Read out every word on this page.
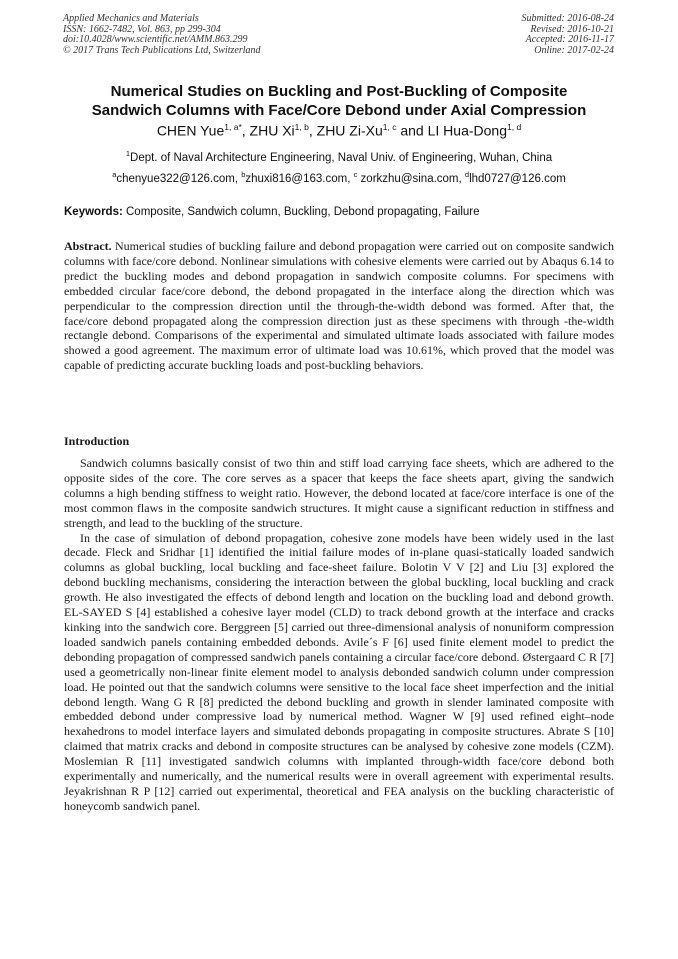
Applied Mechanics and Materials
ISSN: 1662-7482, Vol. 863, pp 299-304
doi:10.4028/www.scientific.net/AMM.863.299
© 2017 Trans Tech Publications Ltd, Switzerland
Submitted: 2016-08-24
Revised: 2016-10-21
Accepted: 2016-11-17
Online: 2017-02-24
Numerical Studies on Buckling and Post-Buckling of Composite
Sandwich Columns with Face/Core Debond under Axial Compression
CHEN Yue$^{1, a*}$, ZHU Xi$^{1, b}$, ZHU Zi-Xu$^{1, c}$ and LI Hua-Dong$^{1, d}$
$^1$Dept. of Naval Architecture Engineering, Naval Univ. of Engineering, Wuhan, China
$^a$chenyue322@126.com, $^b$zhuxi816@163.com, $^c$ zorkzhu@sina.com, $^d$lhd0727@126.com
Keywords: Composite, Sandwich column, Buckling, Debond propagating, Failure
Abstract. Numerical studies of buckling failure and debond propagation were carried out on composite sandwich columns with face/core debond. Nonlinear simulations with cohesive elements were carried out by Abaqus 6.14 to predict the buckling modes and debond propagation in sandwich composite columns. For specimens with embedded circular face/core debond, the debond propagated in the interface along the direction which was perpendicular to the compression direction until the through-the-width debond was formed. After that, the face/core debond propagated along the compression direction just as these specimens with through -the-width rectangle debond. Comparisons of the experimental and simulated ultimate loads associated with failure modes showed a good agreement. The maximum error of ultimate load was 10.61%, which proved that the model was capable of predicting accurate buckling loads and post-buckling behaviors.
Introduction

Sandwich columns basically consist of two thin and stiff load carrying face sheets, which are adhered to the opposite sides of the core. The core serves as a spacer that keeps the face sheets apart, giving the sandwich columns a high bending stiffness to weight ratio. However, the debond located at face/core interface is one of the most common flaws in the composite sandwich structures. It might cause a significant reduction in stiffness and strength, and lead to the buckling of the structure.

In the case of simulation of debond propagation, cohesive zone models have been widely used in the last decade. Fleck and Sridhar [1] identified the initial failure modes of in-plane quasi-statically loaded sandwich columns as global buckling, local buckling and face-sheet failure. Bolotin V V [2] and Liu [3] explored the debond buckling mechanisms, considering the interaction between the global buckling, local buckling and crack growth. He also investigated the effects of debond length and location on the buckling load and debond growth. EL-SAYED S [4] established a cohesive layer model (CLD) to track debond growth at the interface and cracks kinking into the sandwich core. Berggreen [5] carried out three-dimensional analysis of nonuniform compression loaded sandwich panels containing embedded debonds. Avile´s F [6] used finite element model to predict the debonding propagation of compressed sandwich panels containing a circular face/core debond. Østergaard C R [7] used a geometrically non-linear finite element model to analysis debonded sandwich column under compression load. He pointed out that the sandwich columns were sensitive to the local face sheet imperfection and the initial debond length. Wang G R [8] predicted the debond buckling and growth in slender laminated composite with embedded debond under compressive load by numerical method. Wagner W [9] used refined eight–node hexahedrons to model interface layers and simulated debonds propagating in composite structures. Abrate S [10] claimed that matrix cracks and debond in composite structures can be analysed by cohesive zone models (CZM). Moslemian R [11] investigated sandwich columns with implanted through-width face/core debond both experimentally and numerically, and the numerical results were in overall agreement with experimental results. Jeyakrishnan R P [12] carried out experimental, theoretical and FEA analysis on the buckling characteristic of honeycomb sandwich panel.
